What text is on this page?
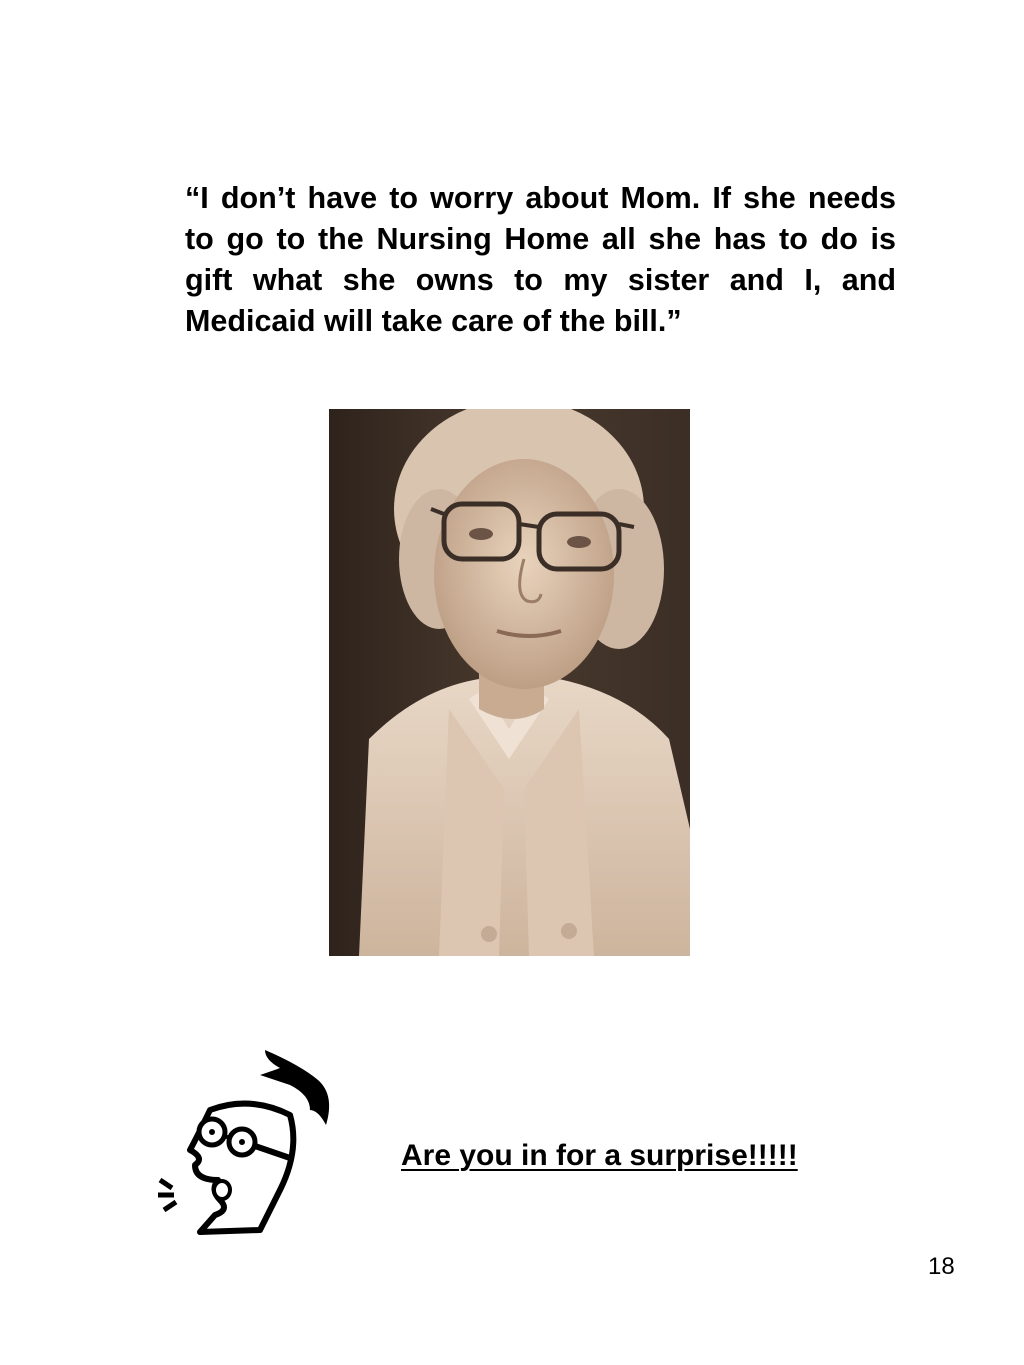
“I don’t have to worry about Mom. If she needs to go to the Nursing Home all she has to do is gift what she owns to my sister and I, and Medicaid will take care of the bill.”

Are you in for a surprise!!!!!

18
